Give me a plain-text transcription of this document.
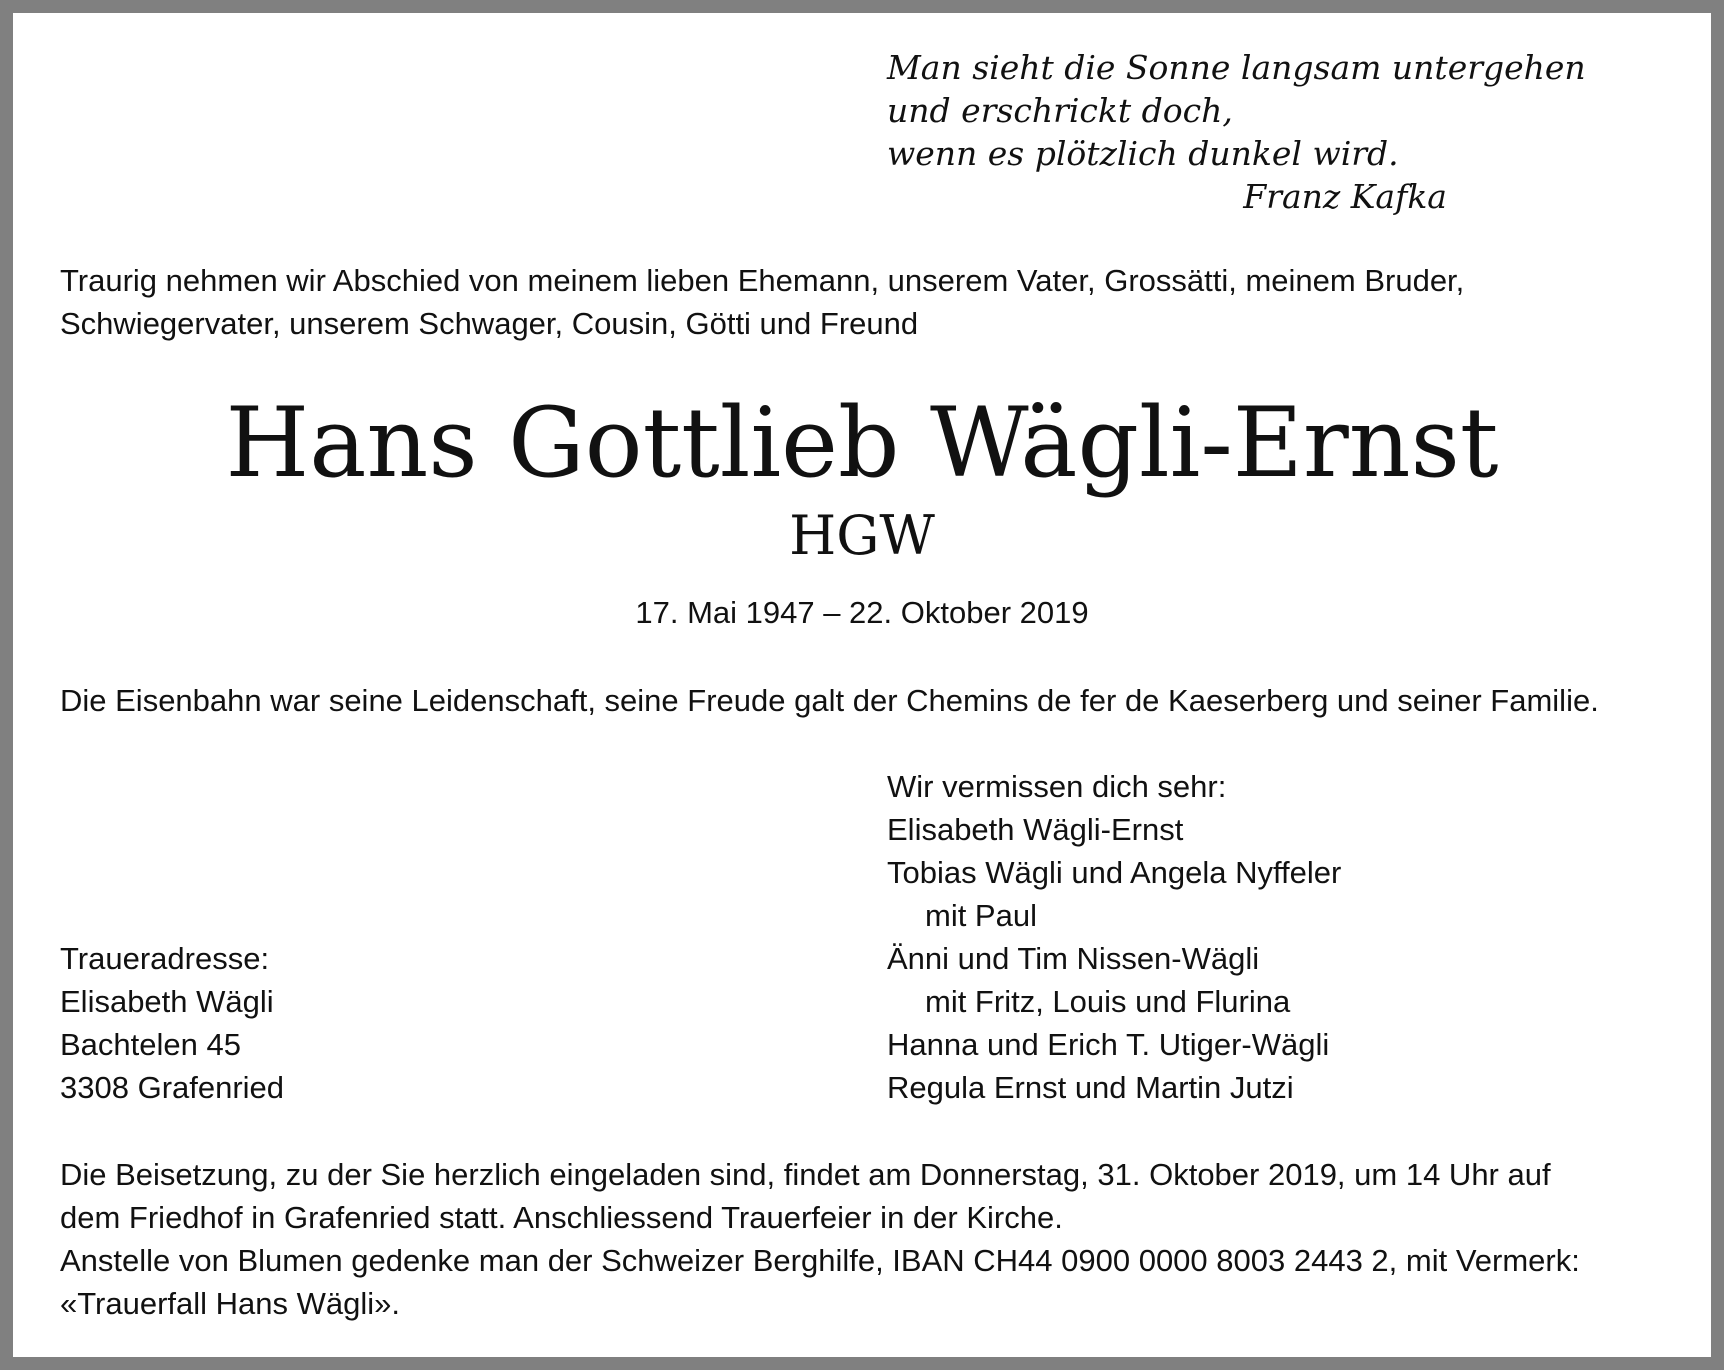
Man sieht die Sonne langsam untergehen
und erschrickt doch,
wenn es plötzlich dunkel wird.
Franz Kafka
Traurig nehmen wir Abschied von meinem lieben Ehemann, unserem Vater, Grossätti, meinem Bruder,
Schwiegervater, unserem Schwager, Cousin, Götti und Freund
Hans Gottlieb Wägli-Ernst
HGW
17. Mai 1947 – 22. Oktober 2019
Die Eisenbahn war seine Leidenschaft, seine Freude galt der Chemins de fer de Kaeserberg und seiner Familie.
Wir vermissen dich sehr:
Elisabeth Wägli-Ernst
Tobias Wägli und Angela Nyffeler
mit Paul
Änni und Tim Nissen-Wägli
mit Fritz, Louis und Flurina
Hanna und Erich T. Utiger-Wägli
Regula Ernst und Martin Jutzi
Traueradresse:
Elisabeth Wägli
Bachtelen 45
3308 Grafenried
Die Beisetzung, zu der Sie herzlich eingeladen sind, findet am Donnerstag, 31. Oktober 2019, um 14 Uhr auf
dem Friedhof in Grafenried statt. Anschliessend Trauerfeier in der Kirche.
Anstelle von Blumen gedenke man der Schweizer Berghilfe, IBAN CH44 0900 0000 8003 2443 2, mit Vermerk:
«Trauerfall Hans Wägli».
